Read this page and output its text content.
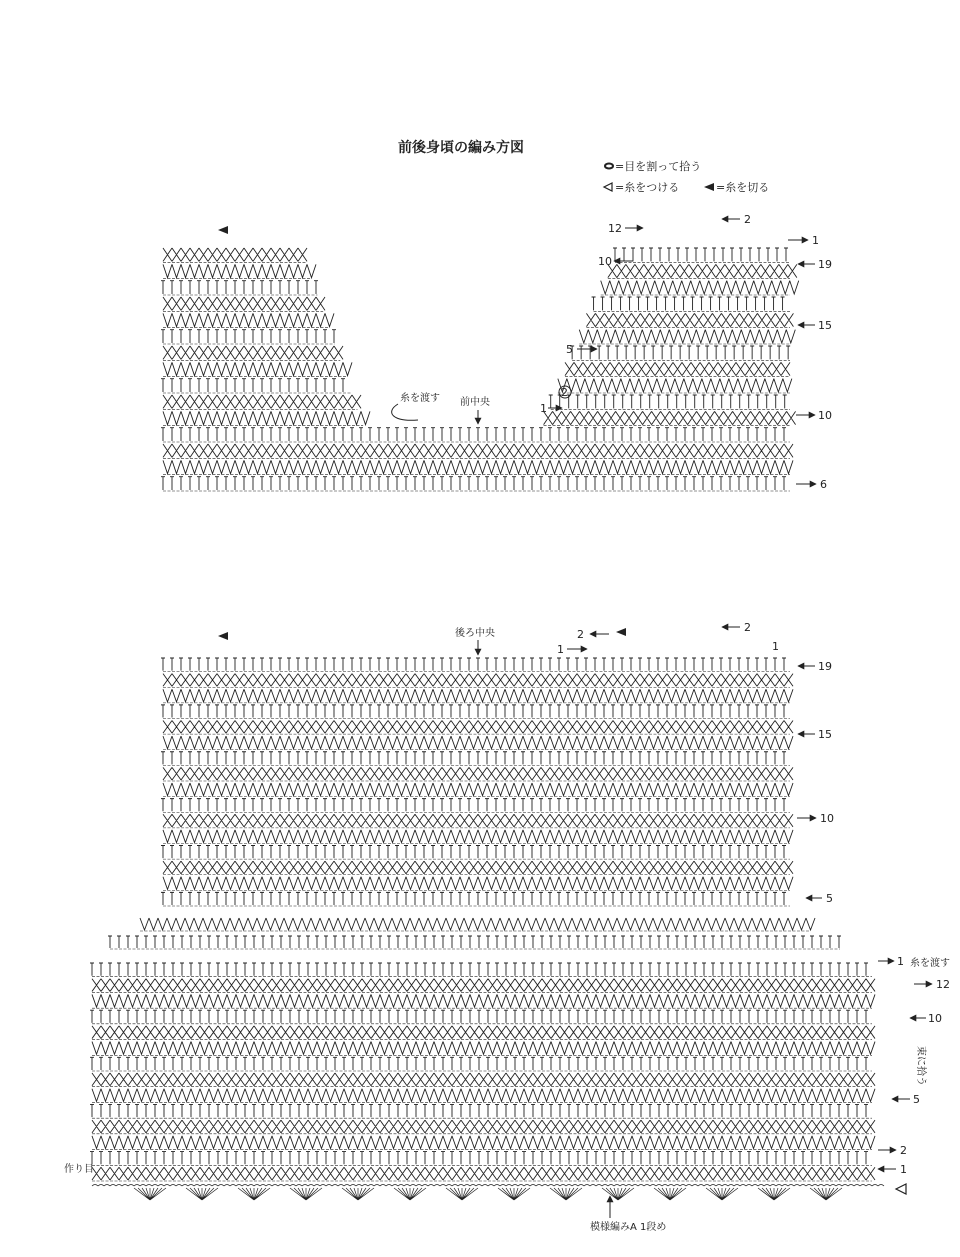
前後身頃の編み方図
=目を割って拾う
=糸をつける	=糸を切る
前中央
糸を渡す
12
10
5
2
1
19
15
10
6
1
2
後ろ中央	2
1
2
1
19
15
10
5
1 糸を渡す
12
10
束に拾う
5
2
1
作り目
模様編みA 1段め
